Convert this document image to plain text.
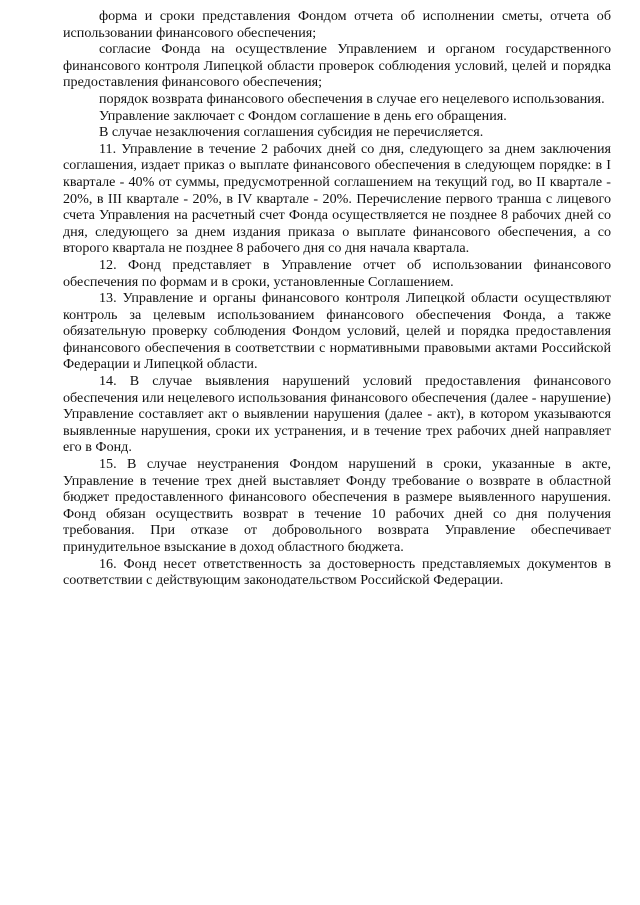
форма и сроки представления Фондом отчета об исполнении сметы, отчета об использовании финансового обеспечения;

согласие Фонда на осуществление Управлением и органом государственного финансового контроля Липецкой области проверок соблюдения условий, целей и порядка предоставления финансового обеспечения;

порядок возврата финансового обеспечения в случае его нецелевого использования.

Управление заключает с Фондом соглашение в день его обращения.

В случае незаключения соглашения субсидия не перечисляется.

11. Управление в течение 2 рабочих дней со дня, следующего за днем заключения соглашения, издает приказ о выплате финансового обеспечения в следующем порядке: в I квартале - 40% от суммы, предусмотренной соглашением на текущий год, во II квартале - 20%, в III квартале - 20%, в IV квартале - 20%. Перечисление первого транша с лицевого счета Управления на расчетный счет Фонда осуществляется не позднее 8 рабочих дней со дня, следующего за днем издания приказа о выплате финансового обеспечения, а со второго квартала не позднее 8 рабочего дня со дня начала квартала.

12. Фонд представляет в Управление отчет об использовании финансового обеспечения по формам и в сроки, установленные Соглашением.

13. Управление и органы финансового контроля Липецкой области осуществляют контроль за целевым использованием финансового обеспечения Фонда, а также обязательную проверку соблюдения Фондом условий, целей и порядка предоставления финансового обеспечения в соответствии с нормативными правовыми актами Российской Федерации и Липецкой области.

14. В случае выявления нарушений условий предоставления финансового обеспечения или нецелевого использования финансового обеспечения (далее - нарушение) Управление составляет акт о выявлении нарушения (далее - акт), в котором указываются выявленные нарушения, сроки их устранения, и в течение трех рабочих дней направляет его в Фонд.

15. В случае неустранения Фондом нарушений в сроки, указанные в акте, Управление в течение трех дней выставляет Фонду требование о возврате в областной бюджет предоставленного финансового обеспечения в размере выявленного нарушения. Фонд обязан осуществить возврат в течение 10 рабочих дней со дня получения требования. При отказе от добровольного возврата Управление обеспечивает принудительное взыскание в доход областного бюджета.

16. Фонд несет ответственность за достоверность представляемых документов в соответствии с действующим законодательством Российской Федерации.
